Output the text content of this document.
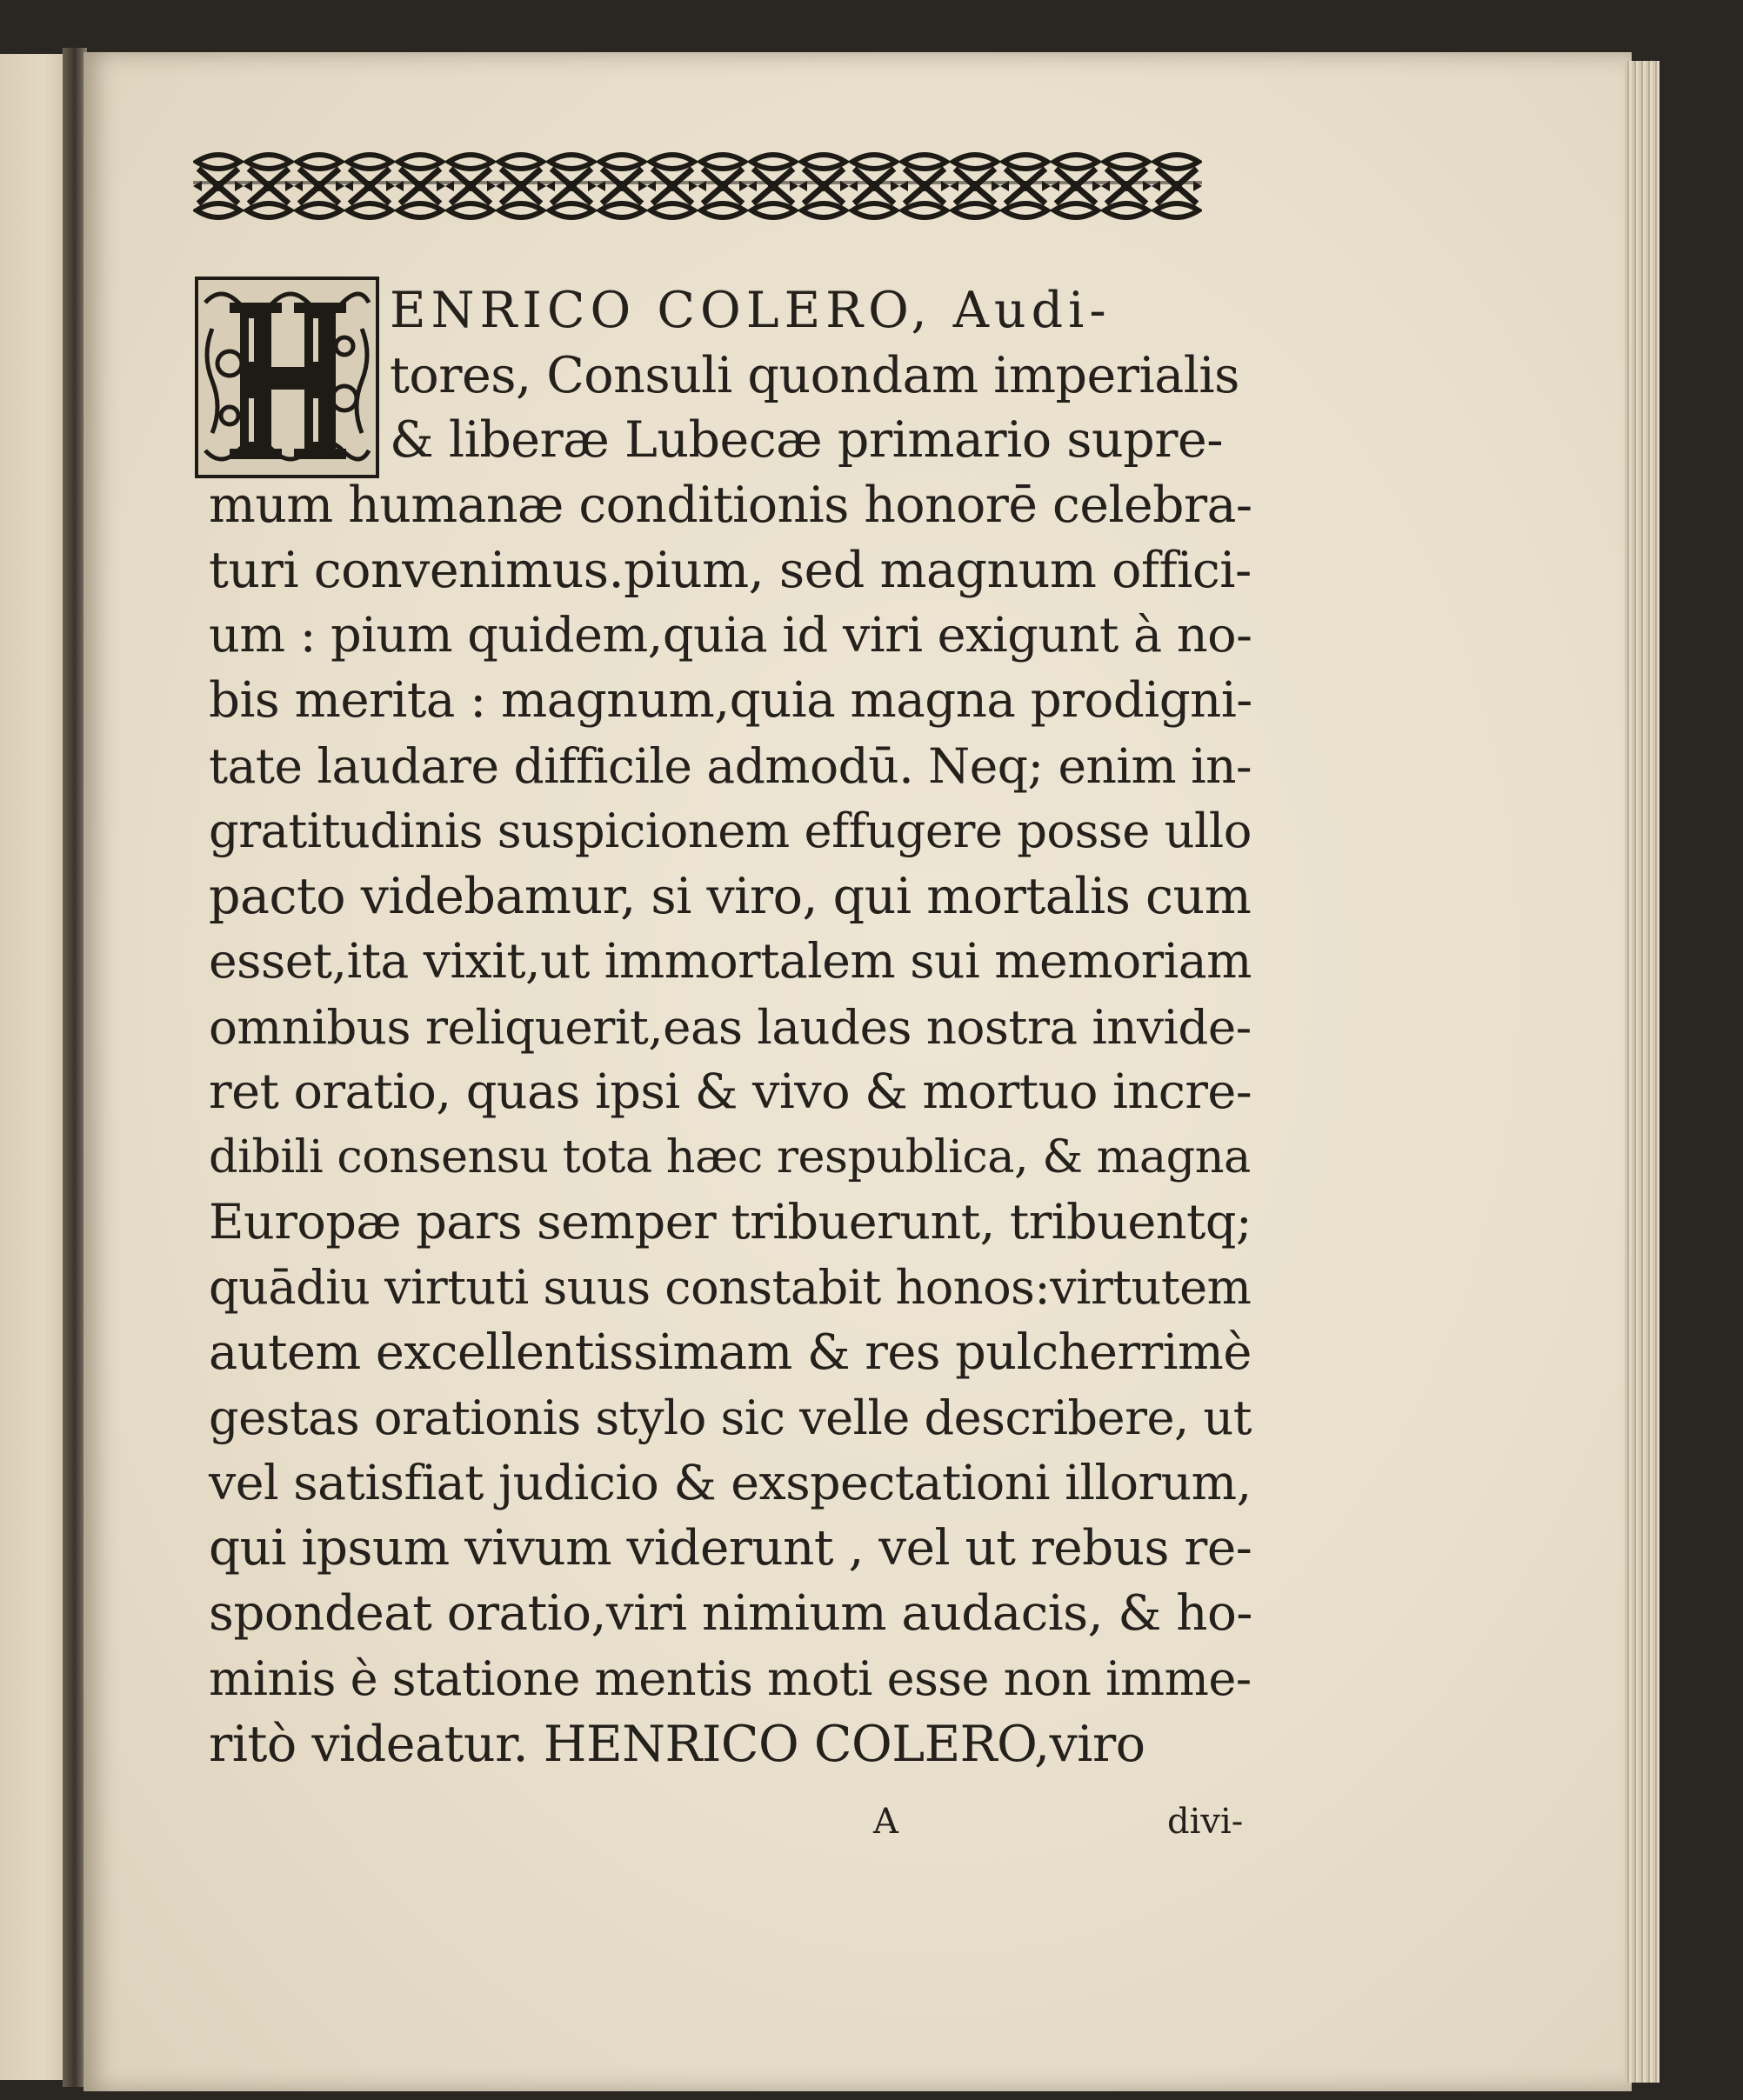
ENRICO COLERO, Audi-
tores, Consuli quondam imperialis
& liberæ Lubecæ primario supre-
mum humanæ conditionis honorē celebra-
turi convenimus.pium, sed magnum offici-
um : pium quidem,quia id viri exigunt à no-
bis merita : magnum,quia magna prodigni-
tate laudare difficile admodū. Neq; enim in-
gratitudinis suspicionem effugere posse ullo
pacto videbamur, si viro, qui mortalis cum
esset,ita vixit,ut immortalem sui memoriam
omnibus reliquerit,eas laudes nostra invide-
ret oratio, quas ipsi & vivo & mortuo incre-
dibili consensu tota hæc respublica, & magna
Europæ pars semper tribuerunt, tribuentq;
quādiu virtuti suus constabit honos:virtutem
autem excellentissimam & res pulcherrimè
gestas orationis stylo sic velle describere, ut
vel satisfiat judicio & exspectationi illorum,
qui ipsum vivum viderunt , vel ut rebus re-
spondeat oratio,viri nimium audacis, & ho-
minis è statione mentis moti esse non imme-
ritò videatur. HENRICO COLERO,viro
A	divi-
